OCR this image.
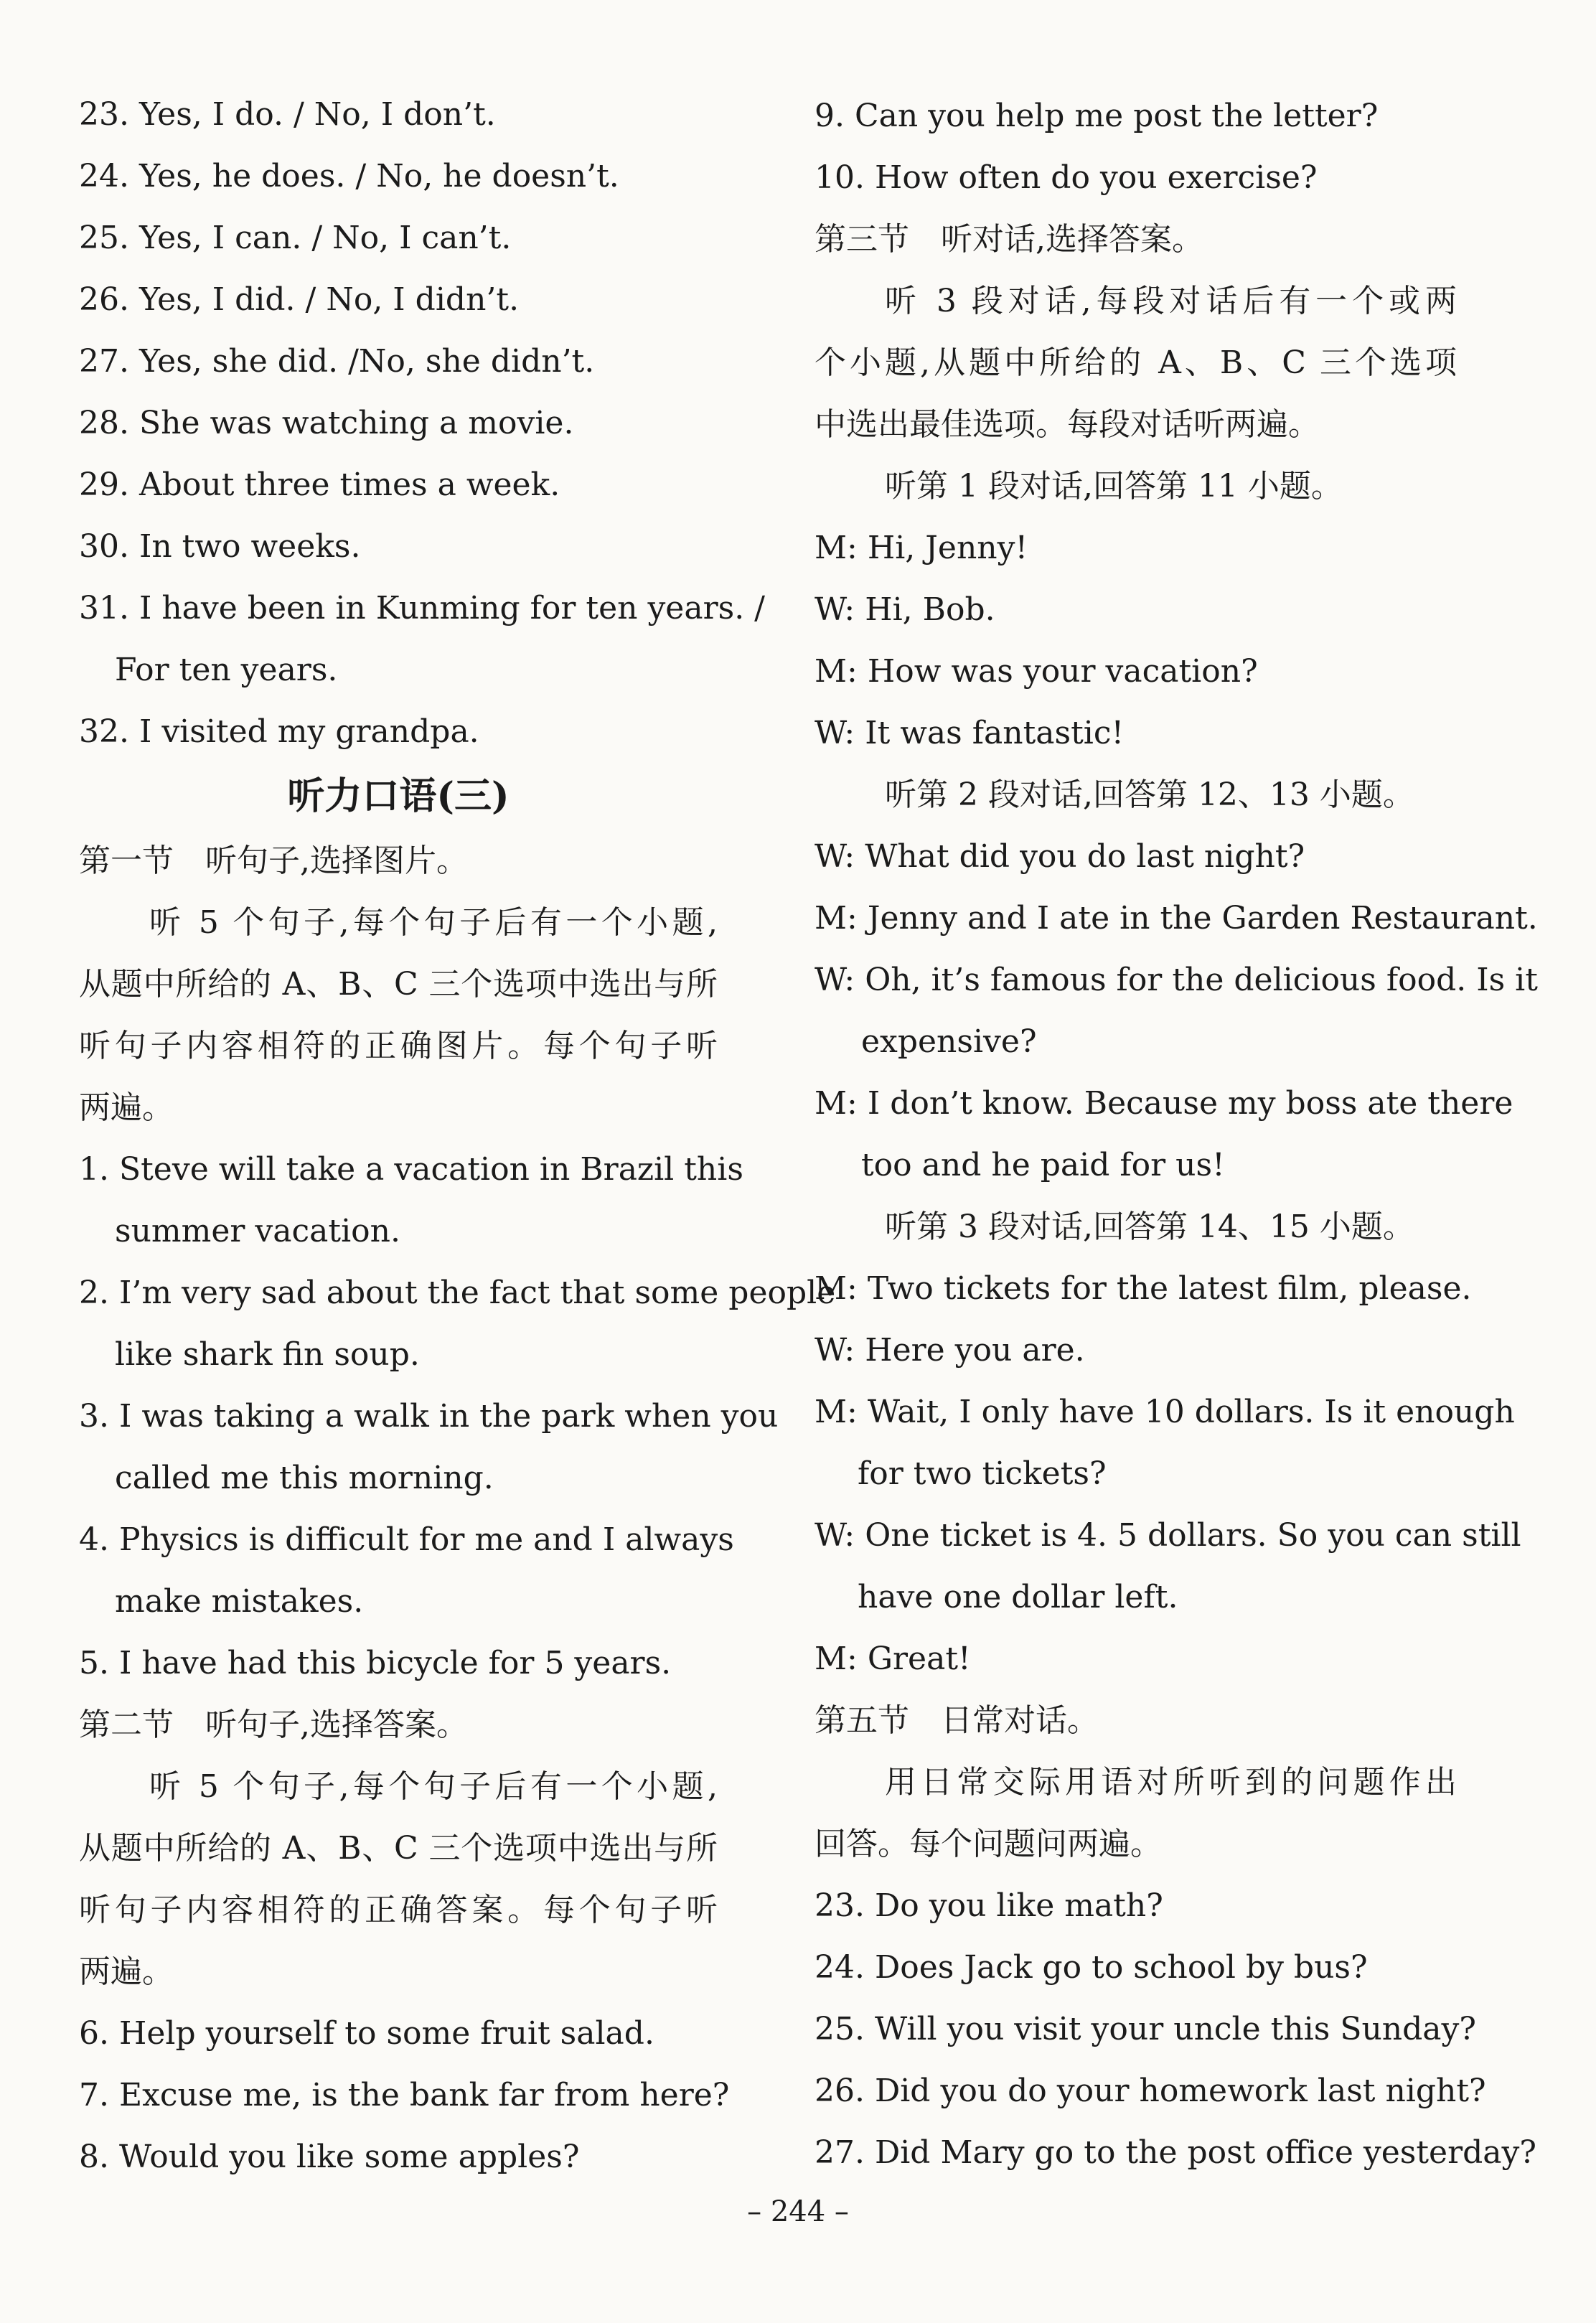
23. Yes, I do. / No, I don’t.
24. Yes, he does. / No, he doesn’t.
25. Yes, I can. / No, I can’t.
26. Yes, I did. / No, I didn’t.
27. Yes, she did. /No, she didn’t.
28. She was watching a movie.
29. About three times a week.
30. In two weeks.
31. I have been in Kunming for ten years. /
For ten years.
32. I visited my grandpa.
听力口语(三)
第一节　听句子,选择图片。
听 5 个句子,每个句子后有一个小题,
从题中所给的 A、B、C 三个选项中选出与所
听句子内容相符的正确图片。每个句子听
两遍。
1. Steve will take a vacation in Brazil this
summer vacation.
2. I’m very sad about the fact that some people
like shark fin soup.
3. I was taking a walk in the park when you
called me this morning.
4. Physics is difficult for me and I always
make mistakes.
5. I have had this bicycle for 5 years.
第二节　听句子,选择答案。
听 5 个句子,每个句子后有一个小题,
从题中所给的 A、B、C 三个选项中选出与所
听句子内容相符的正确答案。每个句子听
两遍。
6. Help yourself to some fruit salad.
7. Excuse me, is the bank far from here?
8. Would you like some apples?
9. Can you help me post the letter?
10. How often do you exercise?
第三节　听对话,选择答案。
听 3 段对话,每段对话后有一个或两
个小题,从题中所给的 A、B、C 三个选项
中选出最佳选项。每段对话听两遍。
听第 1 段对话,回答第 11 小题。
M: Hi, Jenny!
W: Hi, Bob.
M: How was your vacation?
W: It was fantastic!
听第 2 段对话,回答第 12、13 小题。
W: What did you do last night?
M: Jenny and I ate in the Garden Restaurant.
W: Oh, it’s famous for the delicious food. Is it
expensive?
M: I don’t know. Because my boss ate there
too and he paid for us!
听第 3 段对话,回答第 14、15 小题。
M: Two tickets for the latest film, please.
W: Here you are.
M: Wait, I only have 10 dollars. Is it enough
for two tickets?
W: One ticket is 4. 5 dollars. So you can still
have one dollar left.
M: Great!
第五节　日常对话。
用日常交际用语对所听到的问题作出
回答。每个问题问两遍。
23. Do you like math?
24. Does Jack go to school by bus?
25. Will you visit your uncle this Sunday?
26. Did you do your homework last night?
27. Did Mary go to the post office yesterday?
– 244 –
